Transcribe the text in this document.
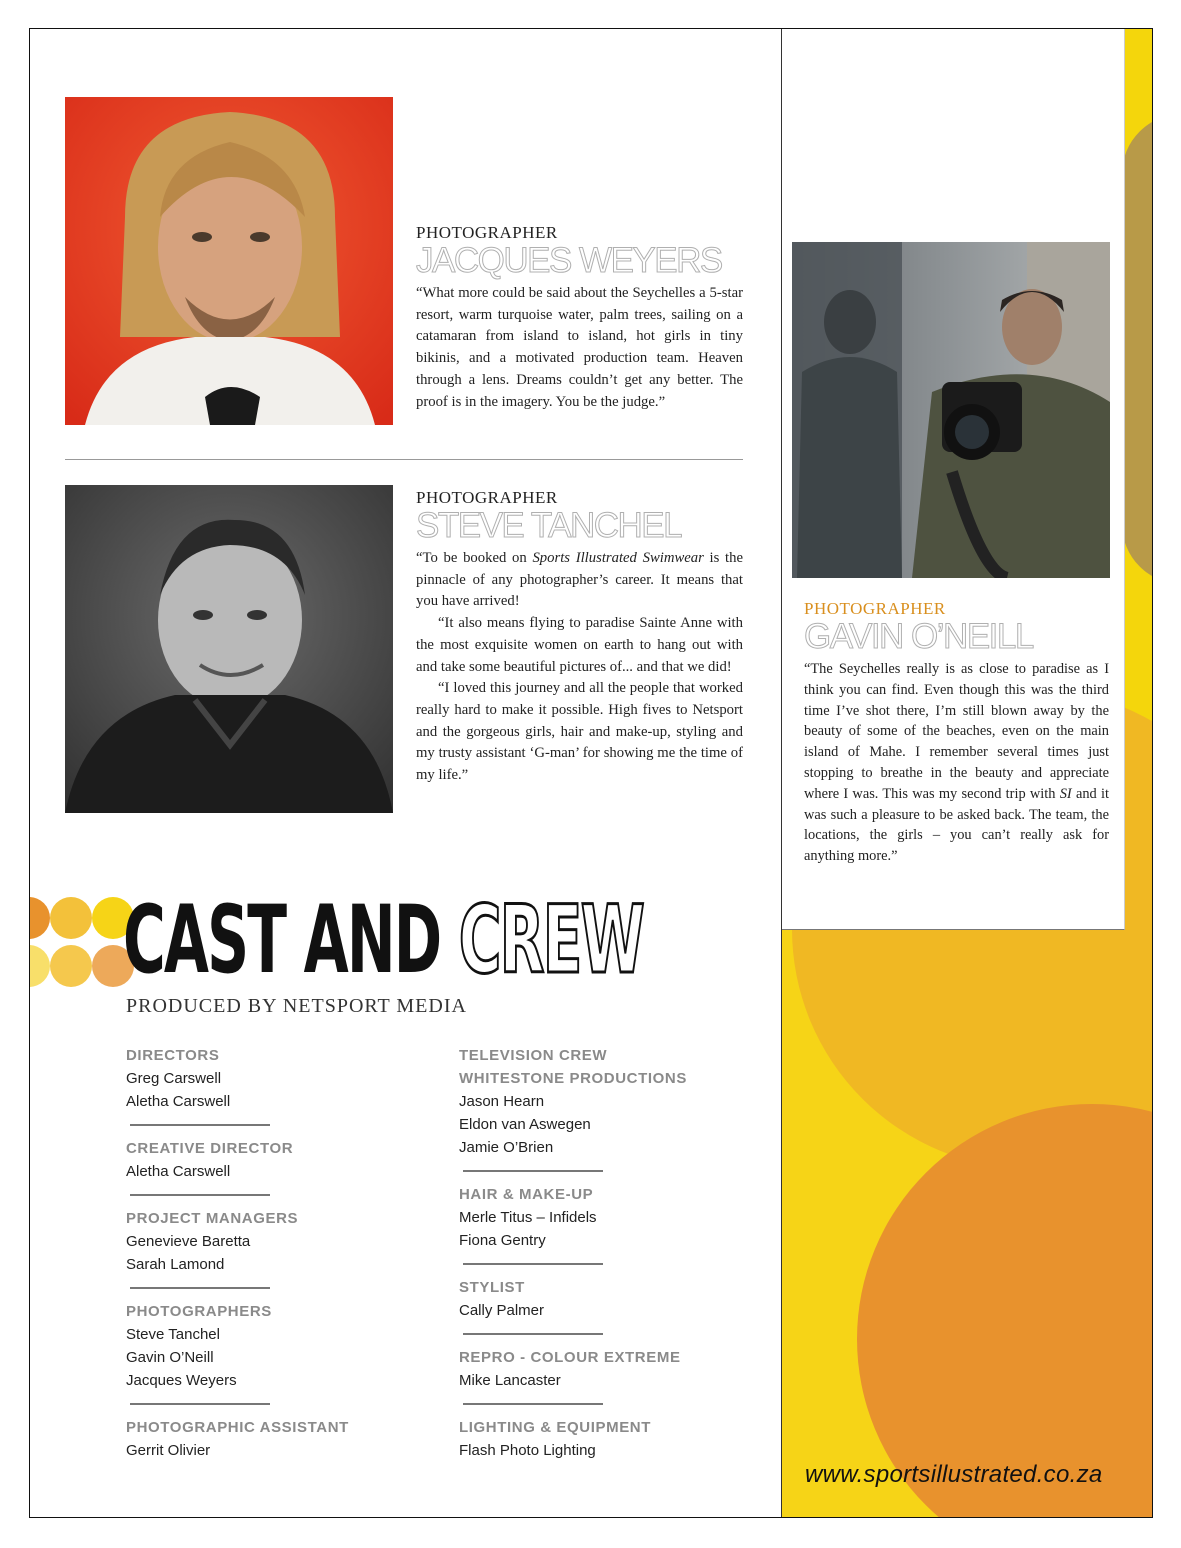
PHOTOGRAPHER
GAVIN O’NEILL

“The Seychelles really is as close to paradise as I think you can find. Even though this was the third time I’ve shot there, I’m still blown away by the beauty of some of the beaches, even on the main island of Mahe. I remember several times just stopping to breathe in the beauty and appreciate where I was. This was my second trip with SI and it was such a pleasure to be asked back. The team, the locations, the girls – you can’t really ask for anything more.”

PHOTOGRAPHER
JACQUES WEYERS

“What more could be said about the Seychelles a 5-star resort, warm turquoise water, palm trees, sailing on a catamaran from island to island, hot girls in tiny bikinis, and a motivated production team. Heaven through a lens. Dreams couldn’t get any better. The proof is in the imagery. You be the judge.”

PHOTOGRAPHER
STEVE TANCHEL

“To be booked on Sports Illustrated Swimwear is the pinnacle of any photographer’s career. It means that you have arrived!

“It also means flying to paradise Sainte Anne with the most exquisite women on earth to hang out with and take some beautiful pictures of... and that we did!

“I loved this journey and all the people that worked really hard to make it possible. High fives to Netsport and the gorgeous girls, hair and make-up, styling and my trusty assistant ‘G-man’ for showing me the time of my life.”

CAST AND CREW
PRODUCED BY NETSPORT MEDIA
DIRECTORS
Greg Carswell
Aletha Carswell
CREATIVE DIRECTOR
Aletha Carswell
PROJECT MANAGERS
Genevieve Baretta
Sarah Lamond
PHOTOGRAPHERS
Steve Tanchel
Gavin O’Neill
Jacques Weyers
PHOTOGRAPHIC ASSISTANT
Gerrit Olivier
TELEVISION CREW
WHITESTONE PRODUCTIONS
Jason Hearn
Eldon van Aswegen
Jamie O’Brien
HAIR & MAKE-UP
Merle Titus – Infidels
Fiona Gentry
STYLIST
Cally Palmer
REPRO - COLOUR EXTREME
Mike Lancaster
LIGHTING & EQUIPMENT
Flash Photo Lighting
www.sportsillustrated.co.za
